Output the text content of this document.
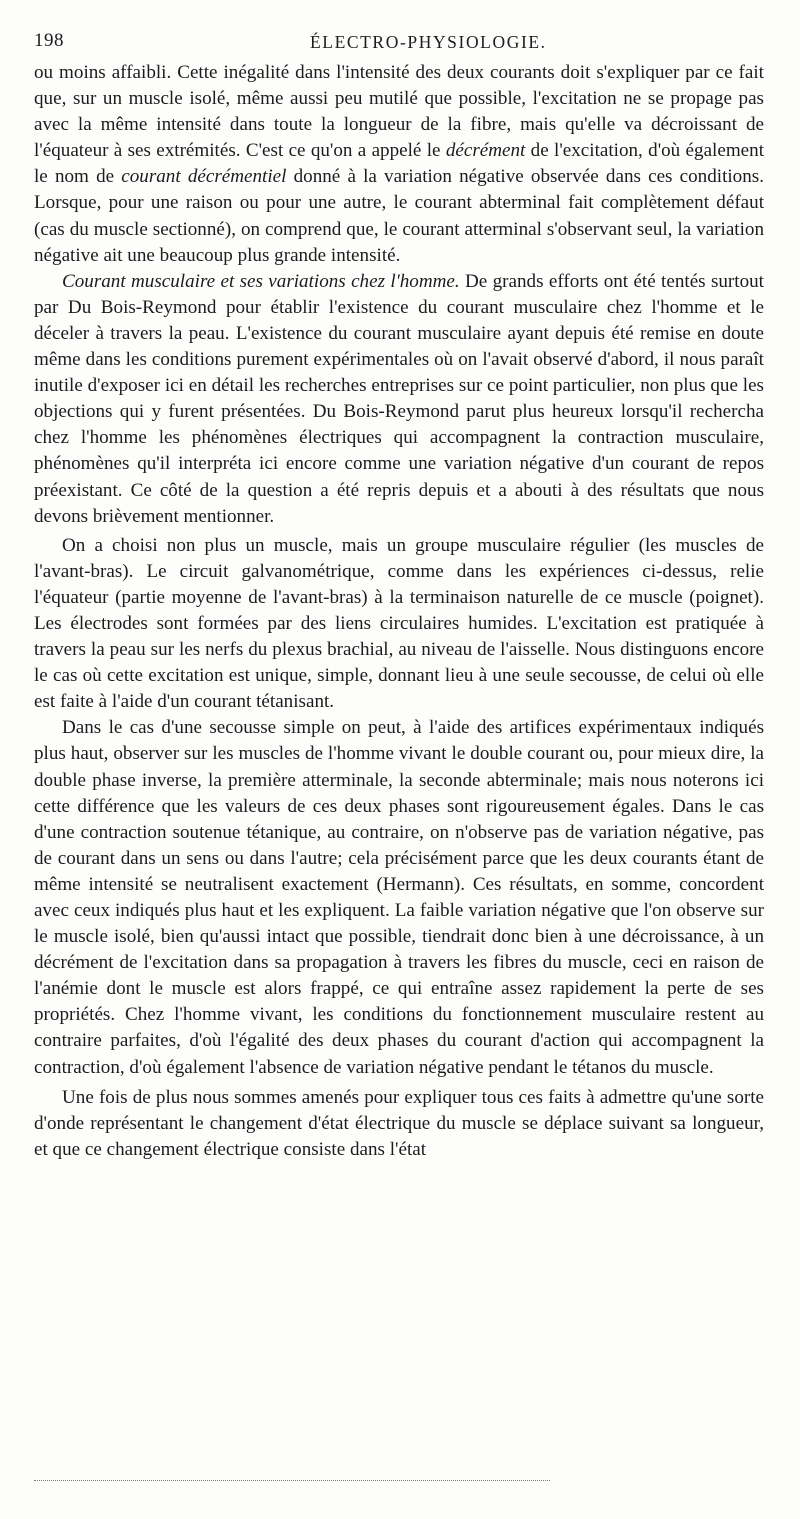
198	ÉLECTRO-PHYSIOLOGIE.

ou moins affaibli. Cette inégalité dans l'intensité des deux courants doit s'expliquer par ce fait que, sur un muscle isolé, même aussi peu mutilé que possible, l'excitation ne se propage pas avec la même intensité dans toute la longueur de la fibre, mais qu'elle va décroissant de l'équateur à ses extrémités. C'est ce qu'on a appelé le décrément de l'excitation, d'où également le nom de courant décrémentiel donné à la variation négative observée dans ces conditions. Lorsque, pour une raison ou pour une autre, le courant abterminal fait complètement défaut (cas du muscle sectionné), on comprend que, le courant atterminal s'observant seul, la variation négative ait une beaucoup plus grande intensité.

Courant musculaire et ses variations chez l'homme. De grands efforts ont été tentés surtout par Du Bois-Reymond pour établir l'existence du courant musculaire chez l'homme et le déceler à travers la peau. L'existence du courant musculaire ayant depuis été remise en doute même dans les conditions purement expérimentales où on l'avait observé d'abord, il nous paraît inutile d'exposer ici en détail les recherches entreprises sur ce point particulier, non plus que les objections qui y furent présentées. Du Bois-Reymond parut plus heureux lorsqu'il rechercha chez l'homme les phénomènes électriques qui accompagnent la contraction musculaire, phénomènes qu'il interpréta ici encore comme une variation négative d'un courant de repos préexistant. Ce côté de la question a été repris depuis et a abouti à des résultats que nous devons brièvement mentionner.

On a choisi non plus un muscle, mais un groupe musculaire régulier (les muscles de l'avant-bras). Le circuit galvanométrique, comme dans les expériences ci-dessus, relie l'équateur (partie moyenne de l'avant-bras) à la terminaison naturelle de ce muscle (poignet). Les électrodes sont formées par des liens circulaires humides. L'excitation est pratiquée à travers la peau sur les nerfs du plexus brachial, au niveau de l'aisselle. Nous distinguons encore le cas où cette excitation est unique, simple, donnant lieu à une seule secousse, de celui où elle est faite à l'aide d'un courant tétanisant.

Dans le cas d'une secousse simple on peut, à l'aide des artifices expérimentaux indiqués plus haut, observer sur les muscles de l'homme vivant le double courant ou, pour mieux dire, la double phase inverse, la première atterminale, la seconde abterminale; mais nous noterons ici cette différence que les valeurs de ces deux phases sont rigoureusement égales. Dans le cas d'une contraction soutenue tétanique, au contraire, on n'observe pas de variation négative, pas de courant dans un sens ou dans l'autre; cela précisément parce que les deux courants étant de même intensité se neutralisent exactement (Hermann). Ces résultats, en somme, concordent avec ceux indiqués plus haut et les expliquent. La faible variation négative que l'on observe sur le muscle isolé, bien qu'aussi intact que possible, tiendrait donc bien à une décroissance, à un décrément de l'excitation dans sa propagation à travers les fibres du muscle, ceci en raison de l'anémie dont le muscle est alors frappé, ce qui entraîne assez rapidement la perte de ses propriétés. Chez l'homme vivant, les conditions du fonctionnement musculaire restent au contraire parfaites, d'où l'égalité des deux phases du courant d'action qui accompagnent la contraction, d'où également l'absence de variation négative pendant le tétanos du muscle.

Une fois de plus nous sommes amenés pour expliquer tous ces faits à admettre qu'une sorte d'onde représentant le changement d'état électrique du muscle se déplace suivant sa longueur, et que ce changement électrique consiste dans l'état
